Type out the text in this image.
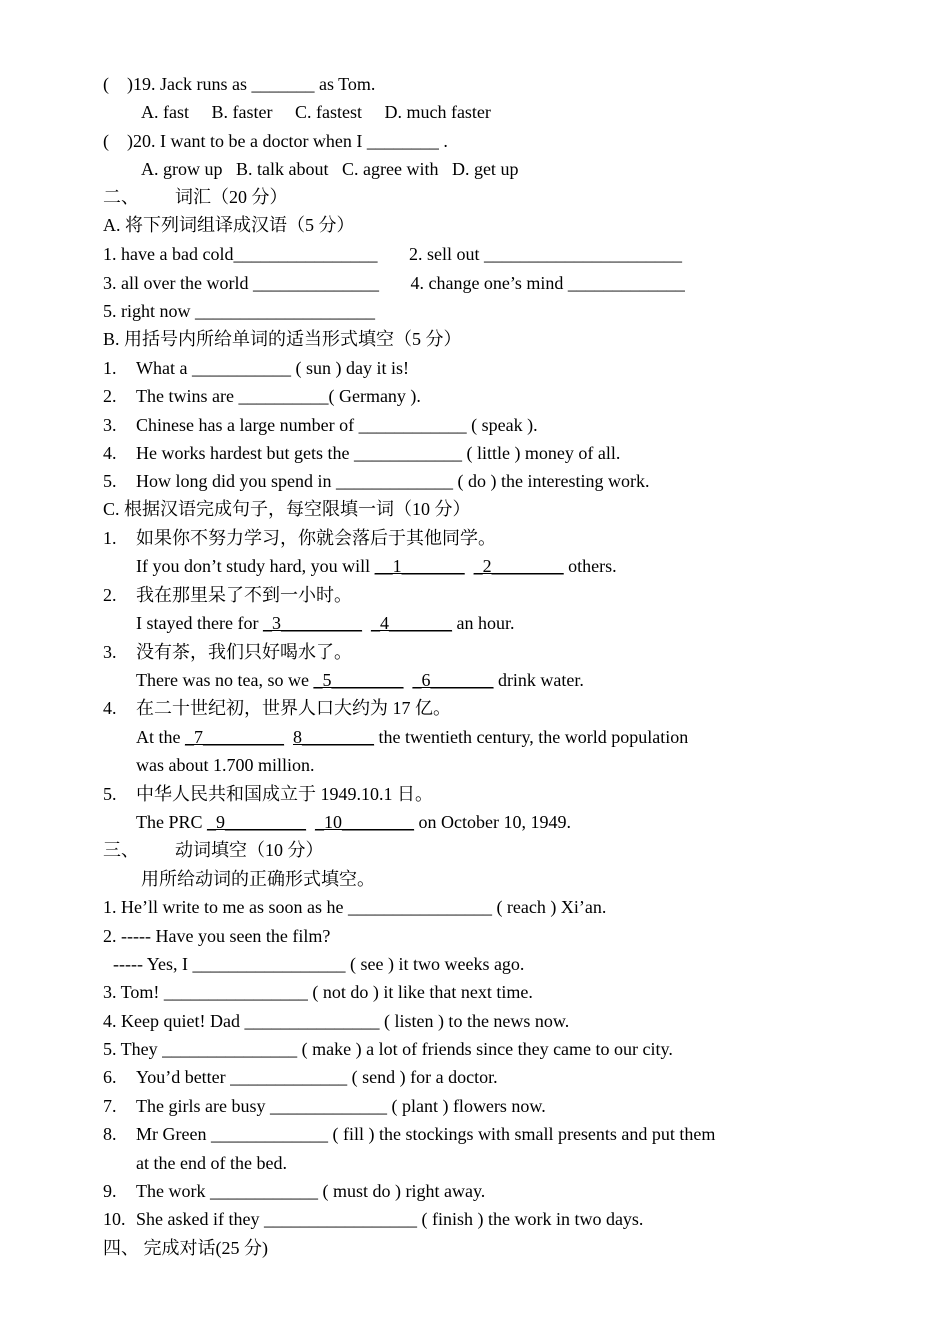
(    )19. Jack runs as _______ as Tom.
A. fast     B. faster     C. fastest     D. much faster
(    )20. I want to be a doctor when I ________ .
A. grow up   B. talk about   C. agree with   D. get up
二、        词汇（20 分）
A. 将下列词组译成汉语（5 分）
1. have a bad cold________________       2. sell out ______________________
3. all over the world ______________       4. change one’s mind _____________
5. right now ____________________
B. 用括号内所给单词的适当形式填空（5 分）
1. What a ___________ ( sun ) day it is!
2. The twins are __________( Germany ).
3. Chinese has a large number of ____________ ( speak ).
4. He works hardest but gets the ____________ ( little ) money of all.
5. How long did you spend in _____________ ( do ) the interesting work.
C. 根据汉语完成句子，每空限填一词（10 分）
1. 如果你不努力学习，你就会落后于其他同学。
If you don’t study hard, you will __1_______ _2________ others.
2. 我在那里呆了不到一小时。
I stayed there for _3_________ _4_______ an hour.
3. 没有茶，我们只好喝水了。
There was no tea, so we _5________ _6_______ drink water.
4. 在二十世纪初，世界人口大约为 17 亿。
At the _7_________ 8________ the twentieth century, the world population
was about 1.700 million.
5. 中华人民共和国成立于 1949.10.1 日。
The PRC _9_________ _10________ on October 10, 1949.
三、        动词填空（10 分）
用所给动词的正确形式填空。
1. He’ll write to me as soon as he ________________ ( reach ) Xi’an.
2. ----- Have you seen the film?
----- Yes, I _________________ ( see ) it two weeks ago.
3. Tom! ________________ ( not do ) it like that next time.
4. Keep quiet! Dad _______________ ( listen ) to the news now.
5. They _______________ ( make ) a lot of friends since they came to our city.
6. You’d better _____________ ( send ) for a doctor.
7. The girls are busy _____________ ( plant ) flowers now.
8. Mr Green _____________ ( fill ) the stockings with small presents and put them
at the end of the bed.
9. The work ____________ ( must do ) right away.
10. She asked if they _________________ ( finish ) the work in two days.
四、 完成对话(25 分)
